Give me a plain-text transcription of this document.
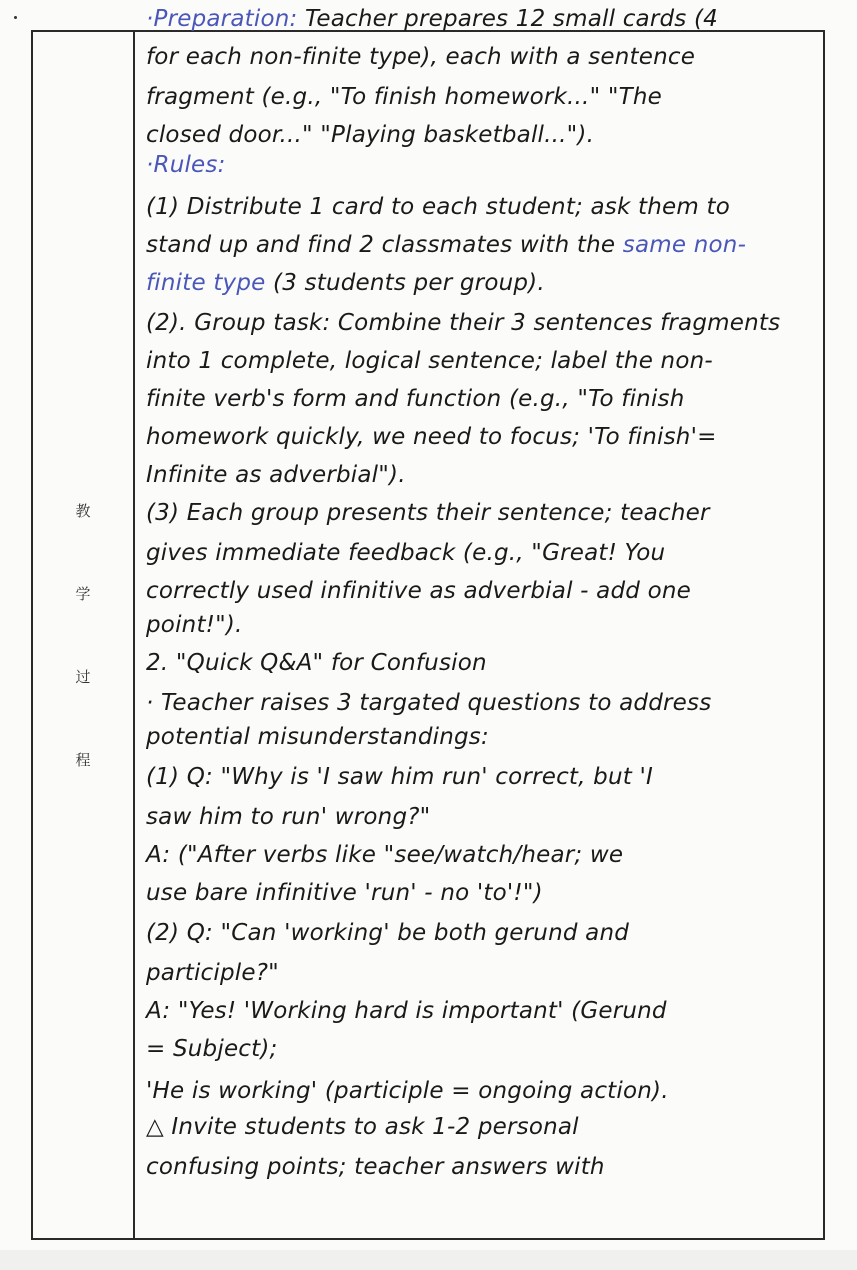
教
学
过
程
·Preparation: Teacher prepares 12 small cards (4
for each non-finite type), each with a sentence
fragment (e.g., "To finish homework..." "The
closed door..." "Playing basketball...").
·Rules:
(1) Distribute 1 card to each student; ask them to
stand up and find 2 classmates with the same non-
finite type (3 students per group).
(2). Group task: Combine their 3 sentences fragments
into 1 complete, logical sentence; label the non-
finite verb's form and function (e.g., "To finish
homework quickly, we need to focus; 'To finish'=
Infinite as adverbial").
(3) Each group presents their sentence; teacher
gives immediate feedback (e.g., "Great! You
correctly used infinitive as adverbial - add one
point!").
2. "Quick Q&A" for Confusion
· Teacher raises 3 targated questions to address
potential misunderstandings:
(1) Q: "Why is 'I saw him run' correct, but 'I
saw him to run' wrong?"
A: ("After verbs like "see/watch/hear; we
use bare infinitive 'run' - no 'to'!")
(2) Q: "Can 'working' be both gerund and
participle?"
A: "Yes! 'Working hard is important' (Gerund
= Subject);
'He is working' (participle = ongoing action).
△ Invite students to ask 1-2 personal
confusing points; teacher answers with
